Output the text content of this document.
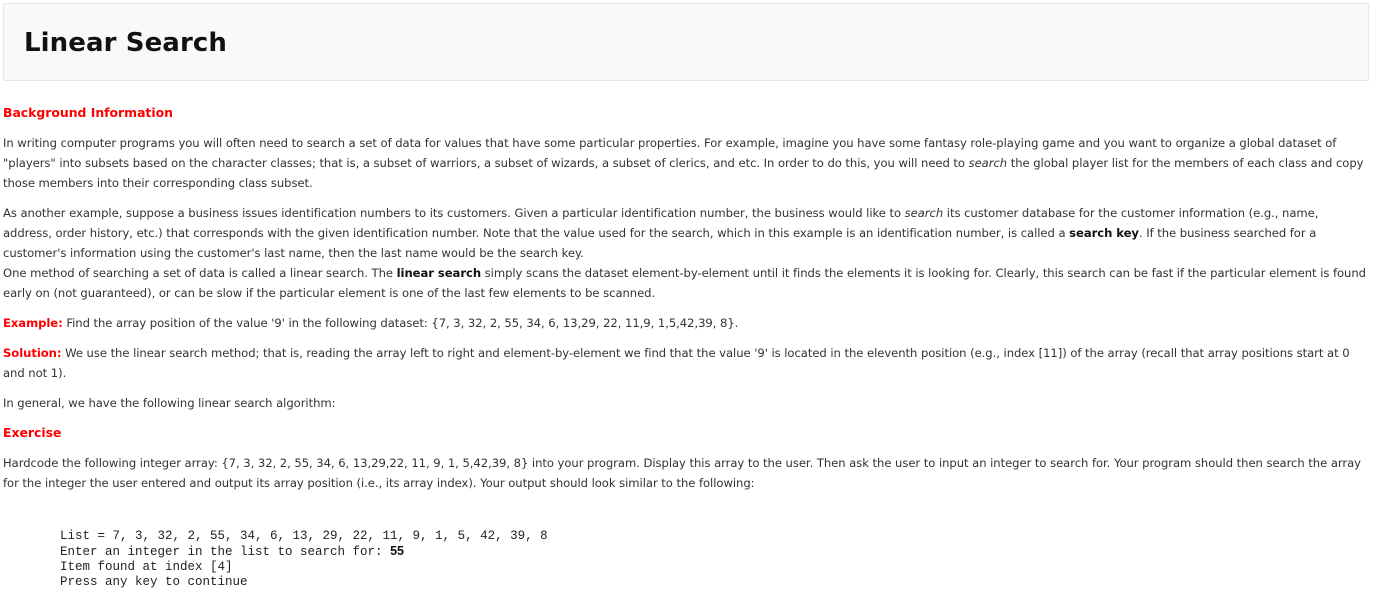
Linear Search
Background Information

In writing computer programs you will often need to search a set of data for values that have some particular properties. For example, imagine you have some fantasy role-playing game and you want to organize a global dataset of "players" into subsets based on the character classes; that is, a subset of warriors, a subset of wizards, a subset of clerics, and etc. In order to do this, you will need to search the global player list for the members of each class and copy those members into their corresponding class subset.

As another example, suppose a business issues identification numbers to its customers. Given a particular identification number, the business would like to search its customer database for the customer information (e.g., name, address, order history, etc.) that corresponds with the given identification number. Note that the value used for the search, which in this example is an identification number, is called a search key. If the business searched for a customer's information using the customer's last name, then the last name would be the search key.

One method of searching a set of data is called a linear search. The linear search simply scans the dataset element-by-element until it finds the elements it is looking for. Clearly, this search can be fast if the particular element is found early on (not guaranteed), or can be slow if the particular element is one of the last few elements to be scanned.

Example: Find the array position of the value '9' in the following dataset: {7, 3, 32, 2, 55, 34, 6, 13,29, 22, 11,9, 1,5,42,39, 8}.

Solution: We use the linear search method; that is, reading the array left to right and element-by-element we find that the value '9' is located in the eleventh position (e.g., index [11]) of the array (recall that array positions start at 0 and not 1).

In general, we have the following linear search algorithm:

Exercise

Hardcode the following integer array: {7, 3, 32, 2, 55, 34, 6, 13,29,22, 11, 9, 1, 5,42,39, 8} into your program. Display this array to the user. Then ask the user to input an integer to search for. Your program should then search the array for the integer the user entered and output its array position (i.e., its array index). Your output should look similar to the following:

List = 7, 3, 32, 2, 55, 34, 6, 13, 29, 22, 11, 9, 1, 5, 42, 39, 8
Enter an integer in the list to search for: 55
Item found at index [4]
Press any key to continue
